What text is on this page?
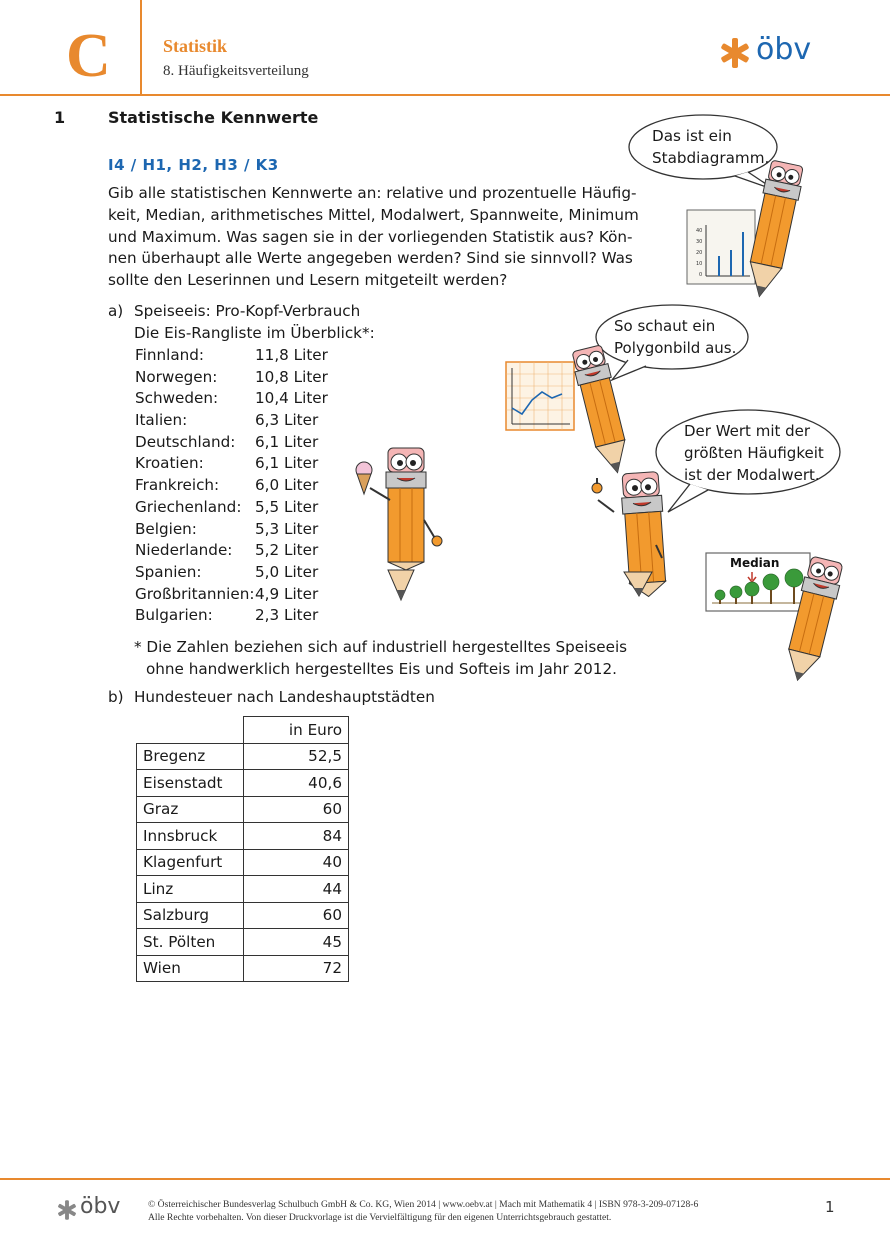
C	Statistik
8. Häufigkeitsverteilung
öbv
1	Statistische Kennwerte
I4 / H1, H2, H3 / K3
Gib alle statistischen Kennwerte an: relative und prozentuelle Häufig-
keit, Median, arithmetisches Mittel, Modalwert, Spannweite, Minimum
und Maximum. Was sagen sie in der vorliegenden Statistik aus? Kön-
nen überhaupt alle Werte angegeben werden? Sind sie sinnvoll? Was
sollte den Leserinnen und Lesern mitgeteilt werden?
a) Speiseeis: Pro-Kopf-Verbrauch
Die Eis-Rangliste im Überblick*:
Finnland:	11,8 Liter
Norwegen: 10,8 Liter
Schweden: 10,4 Liter
Italien:	6,3 Liter
Deutschland: 6,1 Liter
Kroatien:	6,1 Liter
Frankreich: 6,0 Liter
Griechenland: 5,5 Liter
Belgien:	5,3 Liter
Niederlande: 5,2 Liter
Spanien:	5,0 Liter
Großbritannien: 4,9 Liter
Bulgarien:	2,3 Liter
* Die Zahlen beziehen sich auf industriell hergestelltes Speiseeis
ohne handwerklich hergestelltes Eis und Softeis im Jahr 2012.
b) Hundesteuer nach Landeshauptstädten
	in Euro
Bregenz	52,5
Eisenstadt	40,6
Graz	60
Innsbruck	84
Klagenfurt	40
Linz	44
Salzburg	60
St. Pölten	45
Wien	72
Das ist ein
Stabdiagramm.
40
30
20
10
0
So schaut ein
Polygonbild aus.
Der Wert mit der
größten Häufigkeit
ist der Modalwert.
Median
öbv	© Österreichischer Bundesverlag Schulbuch GmbH & Co. KG, Wien 2014 | www.oebv.at | Mach mit Mathematik 4 | ISBN 978-3-209-07128-6
Alle Rechte vorbehalten. Von dieser Druckvorlage ist die Vervielfältigung für den eigenen Unterrichtsgebrauch gestattet.
1
